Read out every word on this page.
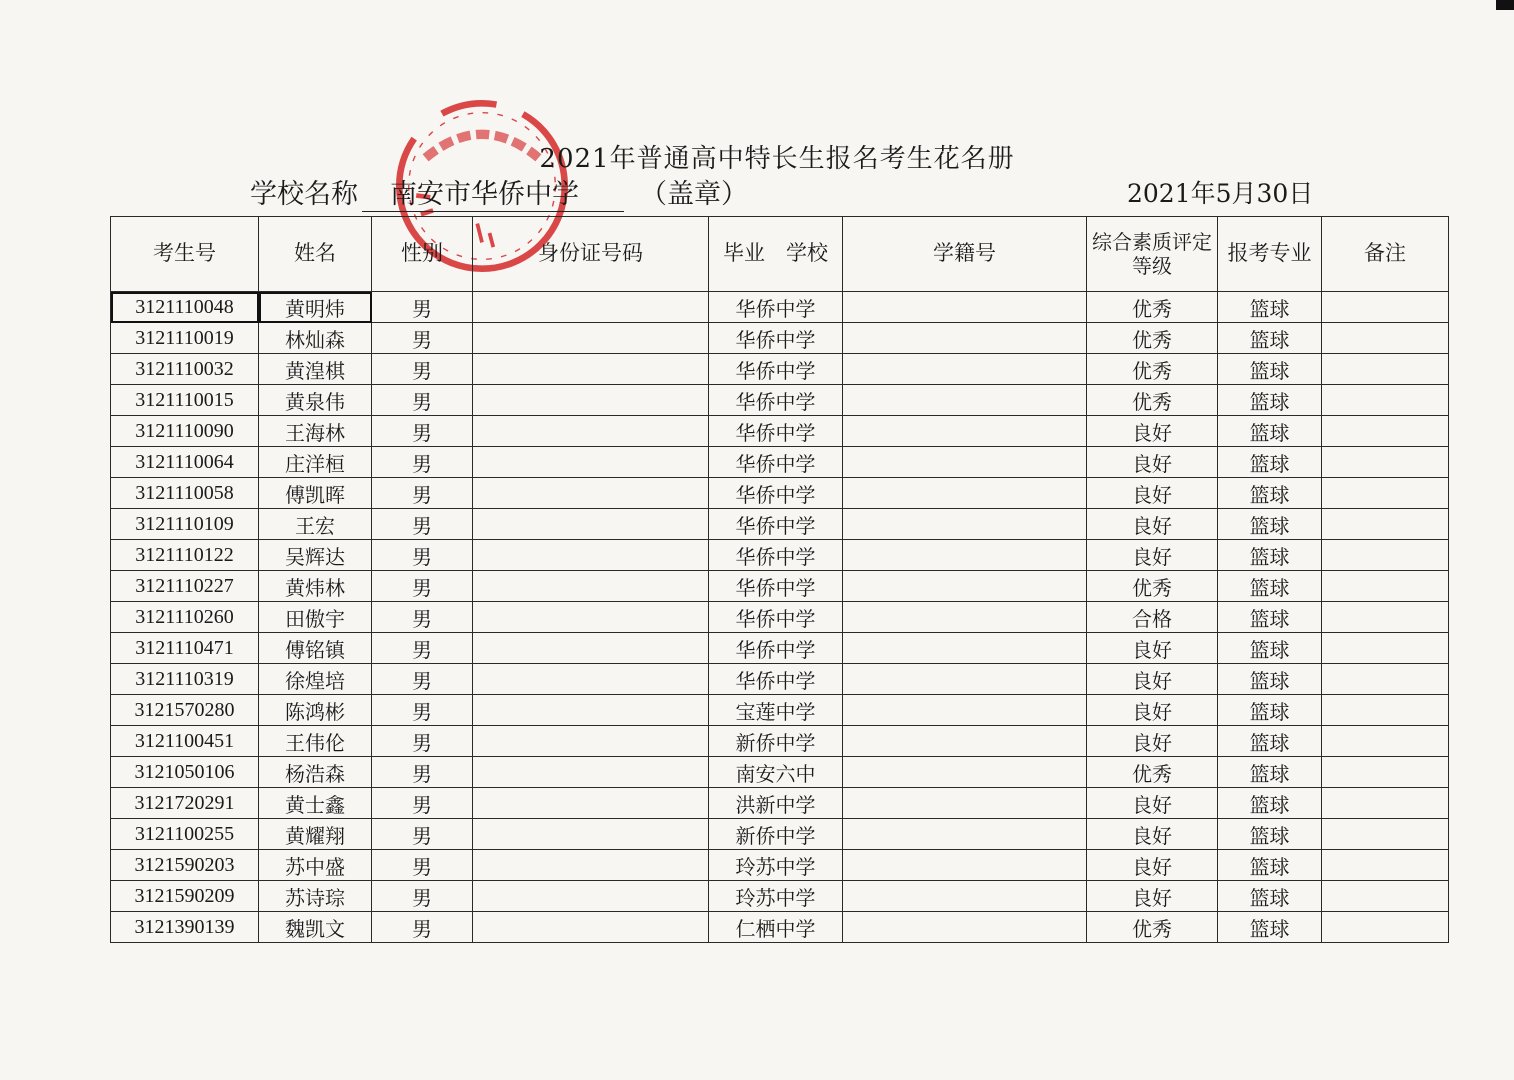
2021年普通高中特长生报名考生花名册
学校名称 南安市华侨中学 （盖章）	2021年5月30日
考生号	姓名	性别	身份证号码	毕业　学校	学籍号	综合素质评定等级	报考专业	备注
3121110048	黄明炜	男		华侨中学		优秀	篮球	
3121110019	林灿森	男		华侨中学		优秀	篮球	
3121110032	黄湟棋	男		华侨中学		优秀	篮球	
3121110015	黄泉伟	男		华侨中学		优秀	篮球	
3121110090	王海林	男		华侨中学		良好	篮球	
3121110064	庄洋桓	男		华侨中学		良好	篮球	
3121110058	傅凯晖	男		华侨中学		良好	篮球	
3121110109	王宏	男		华侨中学		良好	篮球	
3121110122	吴辉达	男		华侨中学		良好	篮球	
3121110227	黄炜林	男		华侨中学		优秀	篮球	
3121110260	田傲宇	男		华侨中学		合格	篮球	
3121110471	傅铭镇	男		华侨中学		良好	篮球	
3121110319	徐煌培	男		华侨中学		良好	篮球	
3121570280	陈鸿彬	男		宝莲中学		良好	篮球	
3121100451	王伟伦	男		新侨中学		良好	篮球	
3121050106	杨浩森	男		南安六中		优秀	篮球	
3121720291	黄士鑫	男		洪新中学		良好	篮球	
3121100255	黄耀翔	男		新侨中学		良好	篮球	
3121590203	苏中盛	男		玲苏中学		良好	篮球	
3121590209	苏诗琮	男		玲苏中学		良好	篮球	
3121390139	魏凯文	男		仁栖中学		优秀	篮球	
